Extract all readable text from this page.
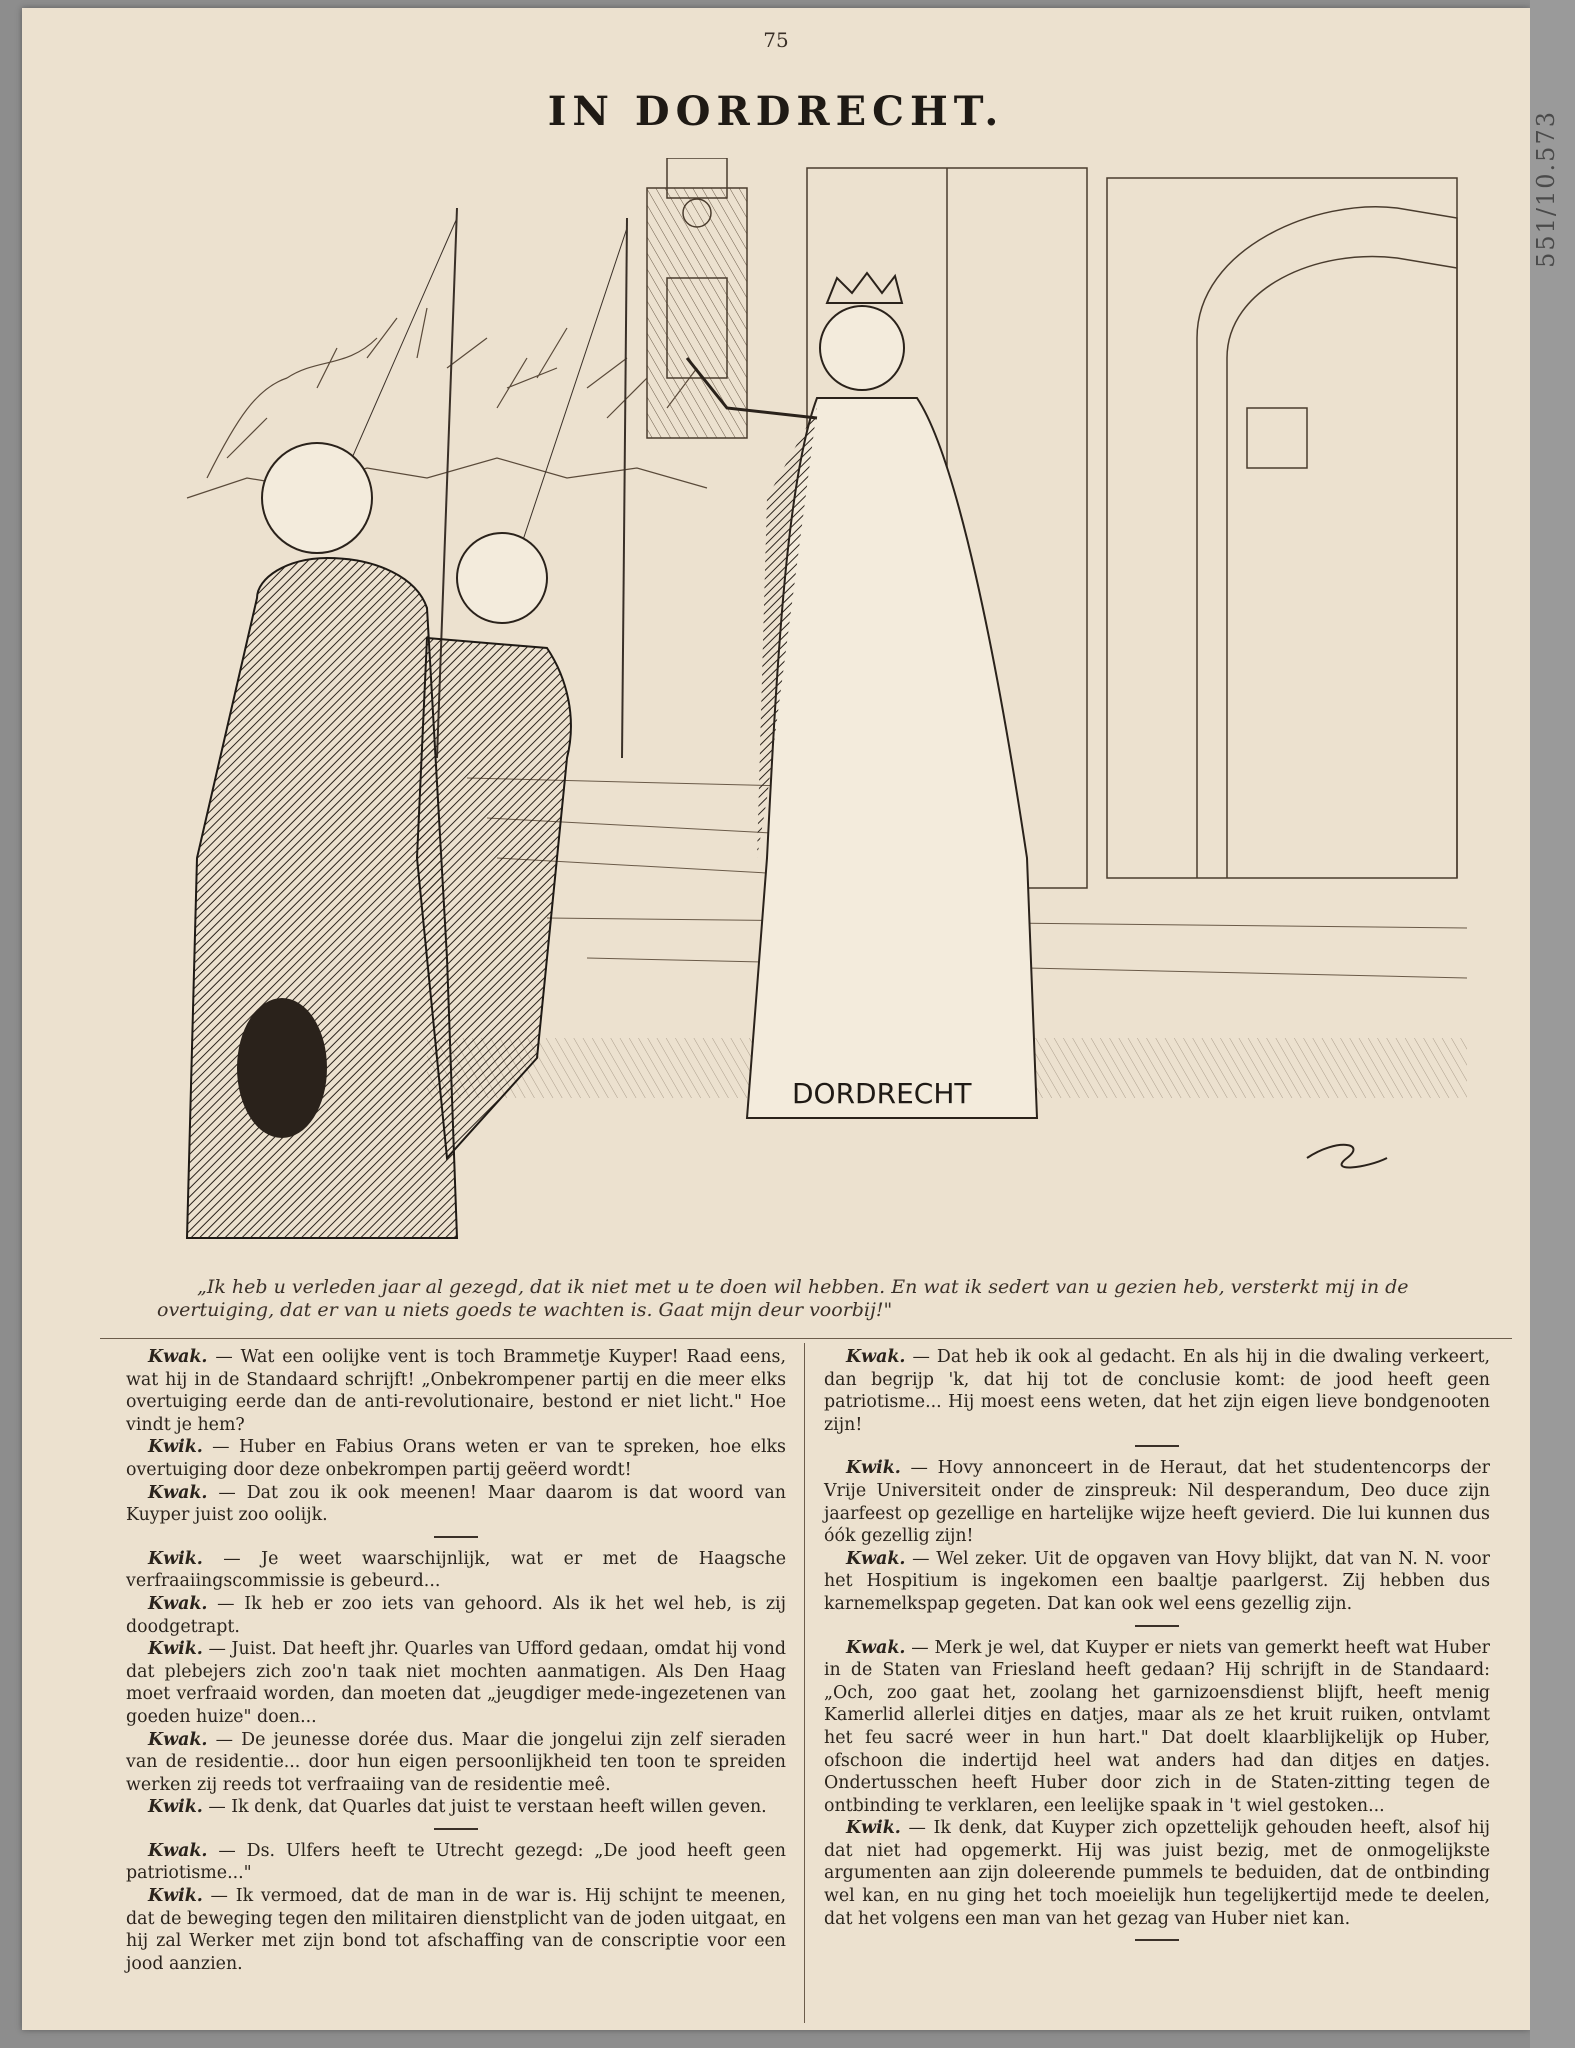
75
IN DORDRECHT.
DORDRECHT
„Ik heb u verleden jaar al gezegd, dat ik niet met u te doen wil hebben. En wat ik sedert van u gezien heb, versterkt mij in de overtuiging, dat er van u niets goeds te wachten is. Gaat mijn deur voorbij!"

Kwak. — Wat een oolijke vent is toch Brammetje Kuyper! Raad eens, wat hij in de Standaard schrijft! „Onbekrompener partij en die meer elks overtuiging eerde dan de anti-revolutionaire, bestond er niet licht." Hoe vindt je hem?

Kwik. — Huber en Fabius Orans weten er van te spreken, hoe elks overtuiging door deze onbekrompen partij geëerd wordt!

Kwak. — Dat zou ik ook meenen! Maar daarom is dat woord van Kuyper juist zoo oolijk.

Kwik. — Je weet waarschijnlijk, wat er met de Haagsche verfraaiingscommissie is gebeurd...

Kwak. — Ik heb er zoo iets van gehoord. Als ik het wel heb, is zij doodgetrapt.

Kwik. — Juist. Dat heeft jhr. Quarles van Ufford gedaan, omdat hij vond dat plebejers zich zoo'n taak niet mochten aanmatigen. Als Den Haag moet verfraaid worden, dan moeten dat „jeugdiger mede-ingezetenen van goeden huize" doen...

Kwak. — De jeunesse dorée dus. Maar die jongelui zijn zelf sieraden van de residentie... door hun eigen persoonlijkheid ten toon te spreiden werken zij reeds tot verfraaiing van de residentie meê.

Kwik. — Ik denk, dat Quarles dat juist te verstaan heeft willen geven.

Kwak. — Ds. Ulfers heeft te Utrecht gezegd: „De jood heeft geen patriotisme..."

Kwik. — Ik vermoed, dat de man in de war is. Hij schijnt te meenen, dat de beweging tegen den militairen dienstplicht van de joden uitgaat, en hij zal Werker met zijn bond tot afschaffing van de conscriptie voor een jood aanzien.

Kwak. — Dat heb ik ook al gedacht. En als hij in die dwaling verkeert, dan begrijp 'k, dat hij tot de conclusie komt: de jood heeft geen patriotisme... Hij moest eens weten, dat het zijn eigen lieve bondgenooten zijn!

Kwik. — Hovy annonceert in de Heraut, dat het studentencorps der Vrije Universiteit onder de zinspreuk: Nil desperandum, Deo duce zijn jaarfeest op gezellige en hartelijke wijze heeft gevierd. Die lui kunnen dus óók gezellig zijn!

Kwak. — Wel zeker. Uit de opgaven van Hovy blijkt, dat van N. N. voor het Hospitium is ingekomen een baaltje paarlgerst. Zij hebben dus karnemelkspap gegeten. Dat kan ook wel eens gezellig zijn.

Kwak. — Merk je wel, dat Kuyper er niets van gemerkt heeft wat Huber in de Staten van Friesland heeft gedaan? Hij schrijft in de Standaard: „Och, zoo gaat het, zoolang het garnizoensdienst blijft, heeft menig Kamerlid allerlei ditjes en datjes, maar als ze het kruit ruiken, ontvlamt het feu sacré weer in hun hart." Dat doelt klaarblijkelijk op Huber, ofschoon die indertijd heel wat anders had dan ditjes en datjes. Ondertusschen heeft Huber door zich in de Staten-zitting tegen de ontbinding te verklaren, een leelijke spaak in 't wiel gestoken...

Kwik. — Ik denk, dat Kuyper zich opzettelijk gehouden heeft, alsof hij dat niet had opgemerkt. Hij was juist bezig, met de onmogelijkste argumenten aan zijn doleerende pummels te beduiden, dat de ontbinding wel kan, en nu ging het toch moeielijk hun tegelijkertijd mede te deelen, dat het volgens een man van het gezag van Huber niet kan.

551/10.573
